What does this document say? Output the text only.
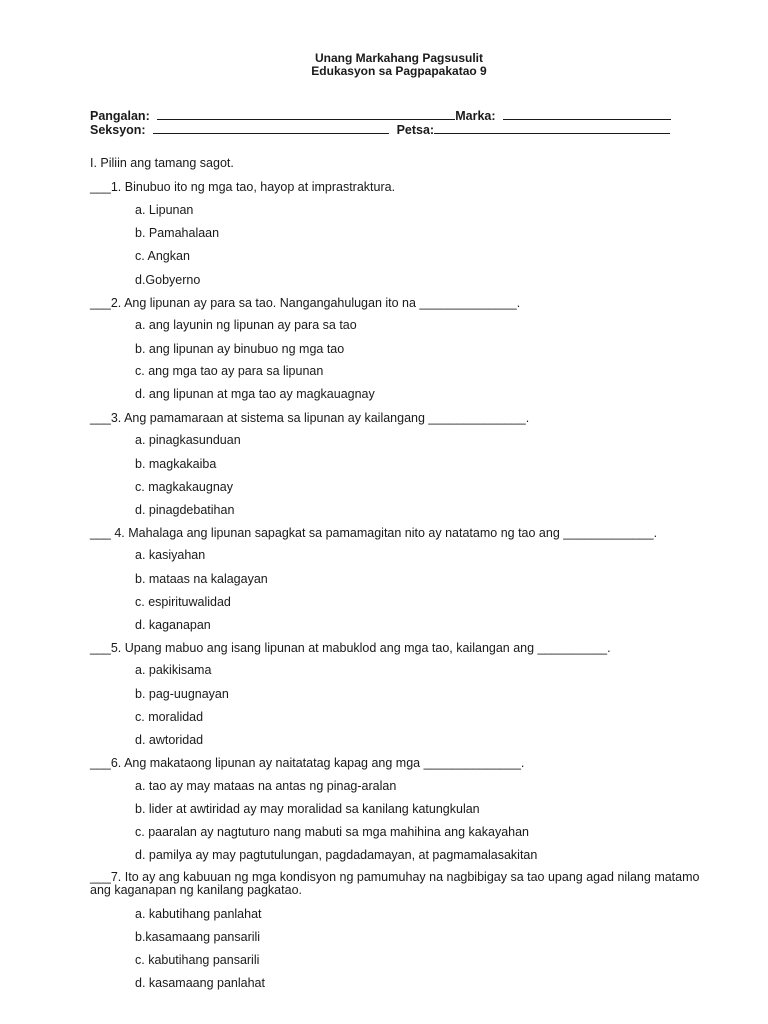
Unang Markahang Pagsusulit
Edukasyon sa Pagpapakatao 9
Pangalan:	Marka:
Seksyon:	Petsa:
I. Piliin ang tamang sagot.
___1. Binubuo ito ng mga tao, hayop at imprastraktura.
a. Lipunan
b. Pamahalaan
c. Angkan
d.Gobyerno
___2. Ang lipunan ay para sa tao. Nangangahulugan ito na ______________.
a. ang layunin ng lipunan ay para sa tao
b. ang lipunan ay binubuo ng mga tao
c. ang mga tao ay para sa lipunan
d. ang lipunan at mga tao ay magkauagnay
___3. Ang pamamaraan at sistema sa lipunan ay kailangang ______________.
a. pinagkasunduan
b. magkakaiba
c. magkakaugnay
d. pinagdebatihan
___ 4. Mahalaga ang lipunan sapagkat sa pamamagitan nito ay natatamo ng tao ang _____________.
a. kasiyahan
b. mataas na kalagayan
c. espirituwalidad
d. kaganapan
___5. Upang mabuo ang isang lipunan at mabuklod ang mga tao, kailangan ang __________.
a. pakikisama
b. pag-uugnayan
c. moralidad
d. awtoridad
___6. Ang makataong lipunan ay naitatatag kapag ang mga ______________.
a. tao ay may mataas na antas ng pinag-aralan
b. lider at awtiridad ay may moralidad sa kanilang katungkulan
c. paaralan ay nagtuturo nang mabuti sa mga mahihina ang kakayahan
d. pamilya ay may pagtutulungan, pagdadamayan, at pagmamalasakitan
___7. Ito ay ang kabuuan ng mga kondisyon ng pamumuhay na nagbibigay sa tao upang agad nilang matamo ang kaganapan ng kanilang pagkatao.
a. kabutihang panlahat
b.kasamaang pansarili
c. kabutihang pansarili
d. kasamaang panlahat
